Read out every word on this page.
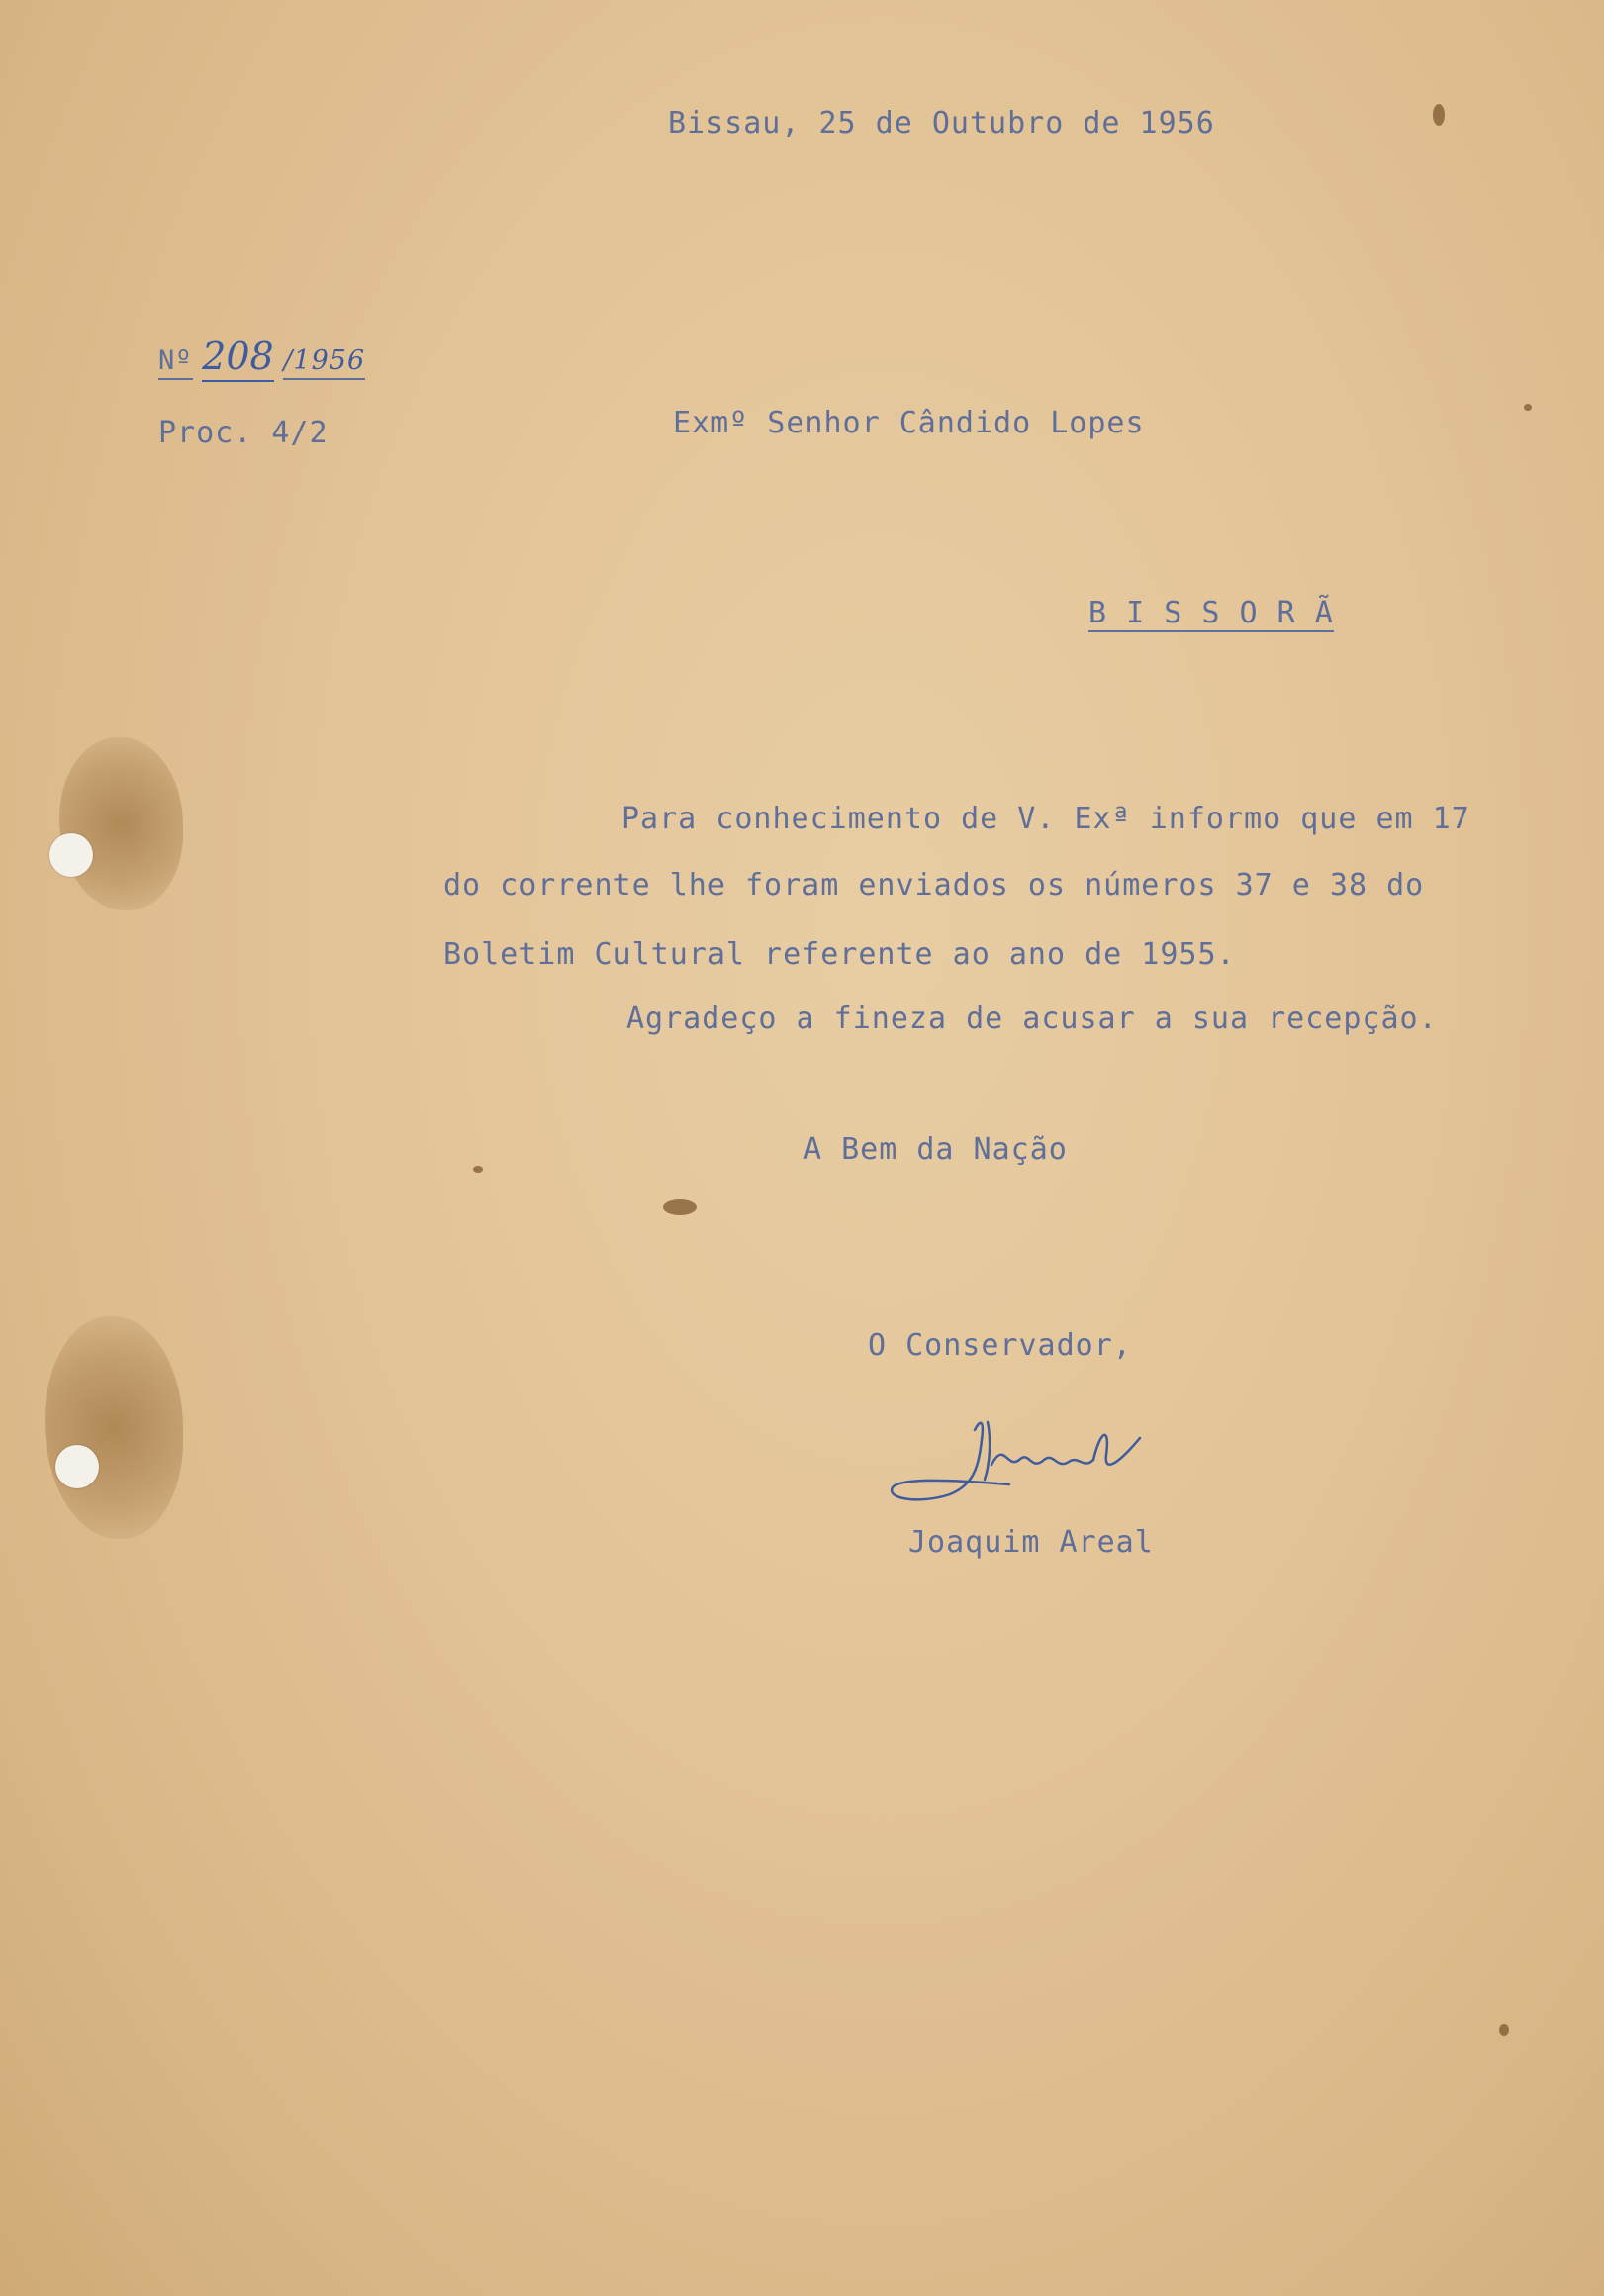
Bissau, 25 de Outubro de 1956
Nº 208 /1956
Proc. 4/2	Exmº Senhor Cândido Lopes
B I S S O R Ã
Para conhecimento de V. Exª informo que em 17
do corrente lhe foram enviados os números 37 e 38 do
Boletim Cultural referente ao ano de 1955.
Agradeço a fineza de acusar a sua recepção.
A Bem da Nação
O Conservador,
Joaquim Areal
